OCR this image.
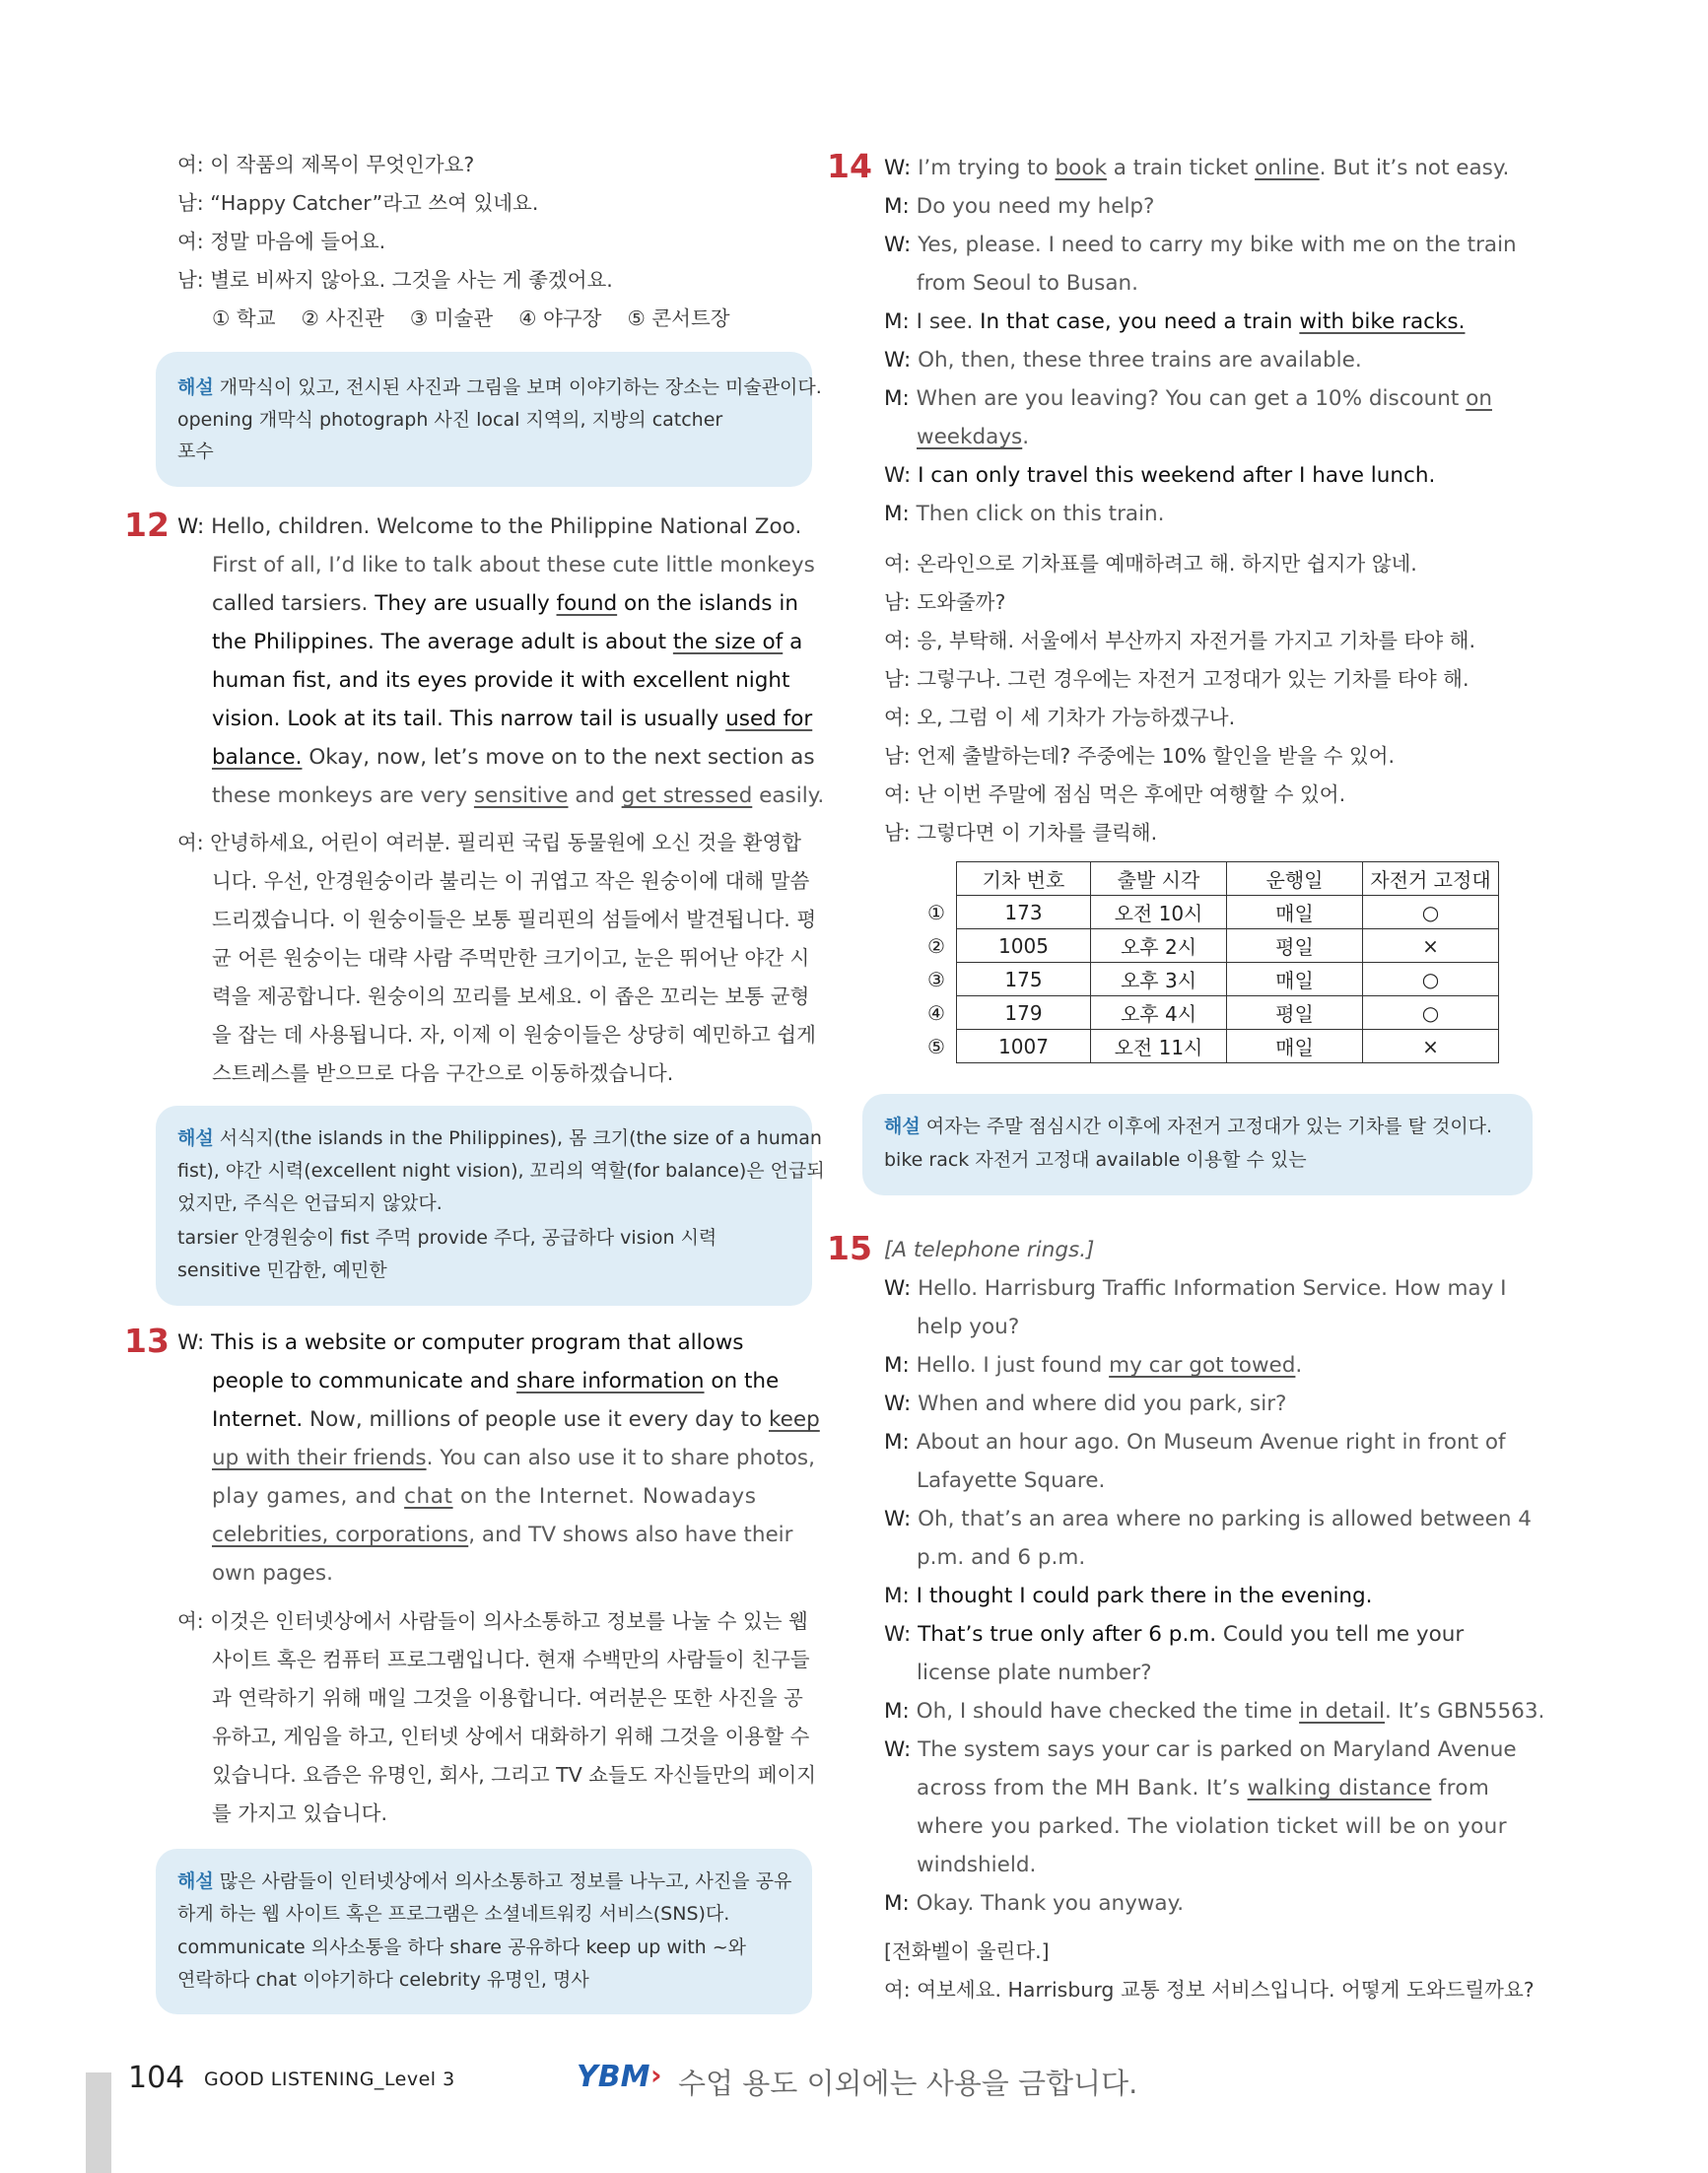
여: 이 작품의 제목이 무엇인가요?
남: “Happy Catcher”라고 쓰여 있네요.
여: 정말 마음에 들어요.
남: 별로 비싸지 않아요. 그것을 사는 게 좋겠어요.
① 학교 ② 사진관 ③ 미술관 ④ 야구장 ⑤ 콘서트장
해설 개막식이 있고, 전시된 사진과 그림을 보며 이야기하는 장소는 미술관이다.
opening 개막식 photograph 사진 local 지역의, 지방의 catcher
포수
12 W: Hello, children. Welcome to the Philippine National Zoo.
First of all, I’d like to talk about these cute little monkeys
called tarsiers. They are usually found on the islands in
the Philippines. The average adult is about the size of a
human fist, and its eyes provide it with excellent night
vision. Look at its tail. This narrow tail is usually used for
balance. Okay, now, let’s move on to the next section as
these monkeys are very sensitive and get stressed easily.
여: 안녕하세요, 어린이 여러분. 필리핀 국립 동물원에 오신 것을 환영합
니다. 우선, 안경원숭이라 불리는 이 귀엽고 작은 원숭이에 대해 말씀
드리겠습니다. 이 원숭이들은 보통 필리핀의 섬들에서 발견됩니다. 평
균 어른 원숭이는 대략 사람 주먹만한 크기이고, 눈은 뛰어난 야간 시
력을 제공합니다. 원숭이의 꼬리를 보세요. 이 좁은 꼬리는 보통 균형
을 잡는 데 사용됩니다. 자, 이제 이 원숭이들은 상당히 예민하고 쉽게
스트레스를 받으므로 다음 구간으로 이동하겠습니다.
해설 서식지(the islands in the Philippines), 몸 크기(the size of a human
fist), 야간 시력(excellent night vision), 꼬리의 역할(for balance)은 언급되
었지만, 주식은 언급되지 않았다.
tarsier 안경원숭이 fist 주먹 provide 주다, 공급하다 vision 시력
sensitive 민감한, 예민한
13 W: This is a website or computer program that allows
people to communicate and share information on the
Internet. Now, millions of people use it every day to keep
up with their friends. You can also use it to share photos,
play games, and chat on the Internet. Nowadays
celebrities, corporations, and TV shows also have their
own pages.
여: 이것은 인터넷상에서 사람들이 의사소통하고 정보를 나눌 수 있는 웹
사이트 혹은 컴퓨터 프로그램입니다. 현재 수백만의 사람들이 친구들
과 연락하기 위해 매일 그것을 이용합니다. 여러분은 또한 사진을 공
유하고, 게임을 하고, 인터넷 상에서 대화하기 위해 그것을 이용할 수
있습니다. 요즘은 유명인, 회사, 그리고 TV 쇼들도 자신들만의 페이지
를 가지고 있습니다.
해설 많은 사람들이 인터넷상에서 의사소통하고 정보를 나누고, 사진을 공유
하게 하는 웹 사이트 혹은 프로그램은 소셜네트워킹 서비스(SNS)다.
communicate 의사소통을 하다 share 공유하다 keep up with ~와
연락하다 chat 이야기하다 celebrity 유명인, 명사
14 W: I’m trying to book a train ticket online. But it’s not easy.
M: Do you need my help?
W: Yes, please. I need to carry my bike with me on the train
from Seoul to Busan.
M: I see. In that case, you need a train with bike racks.
W: Oh, then, these three trains are available.
M: When are you leaving? You can get a 10% discount on
weekdays.
W: I can only travel this weekend after I have lunch.
M: Then click on this train.
여: 온라인으로 기차표를 예매하려고 해. 하지만 쉽지가 않네.
남: 도와줄까?
여: 응, 부탁해. 서울에서 부산까지 자전거를 가지고 기차를 타야 해.
남: 그렇구나. 그런 경우에는 자전거 고정대가 있는 기차를 타야 해.
여: 오, 그럼 이 세 기차가 가능하겠구나.
남: 언제 출발하는데? 주중에는 10% 할인을 받을 수 있어.
여: 난 이번 주말에 점심 먹은 후에만 여행할 수 있어.
남: 그렇다면 이 기차를 클릭해.
	기차 번호	출발 시각	운행일	자전거 고정대
①	173	오전 10시	매일	○
②	1005	오후 2시	평일	×
③	175	오후 3시	매일	○
④	179	오후 4시	평일	○
⑤	1007	오전 11시	매일	×
해설 여자는 주말 점심시간 이후에 자전거 고정대가 있는 기차를 탈 것이다.
bike rack 자전거 고정대 available 이용할 수 있는
15 [A telephone rings.]
W: Hello. Harrisburg Traffic Information Service. How may I
help you?
M: Hello. I just found my car got towed.
W: When and where did you park, sir?
M: About an hour ago. On Museum Avenue right in front of
Lafayette Square.
W: Oh, that’s an area where no parking is allowed between 4
p.m. and 6 p.m.
M: I thought I could park there in the evening.
W: That’s true only after 6 p.m. Could you tell me your
license plate number?
M: Oh, I should have checked the time in detail. It’s GBN5563.
W: The system says your car is parked on Maryland Avenue
across from the MH Bank. It’s walking distance from
where you parked. The violation ticket will be on your
windshield.
M: Okay. Thank you anyway.
[전화벨이 울린다.]
여: 여보세요. Harrisburg 교통 정보 서비스입니다. 어떻게 도와드릴까요?
104 GOOD LISTENING_Level 3	YBM › 수업 용도 이외에는 사용을 금합니다.
